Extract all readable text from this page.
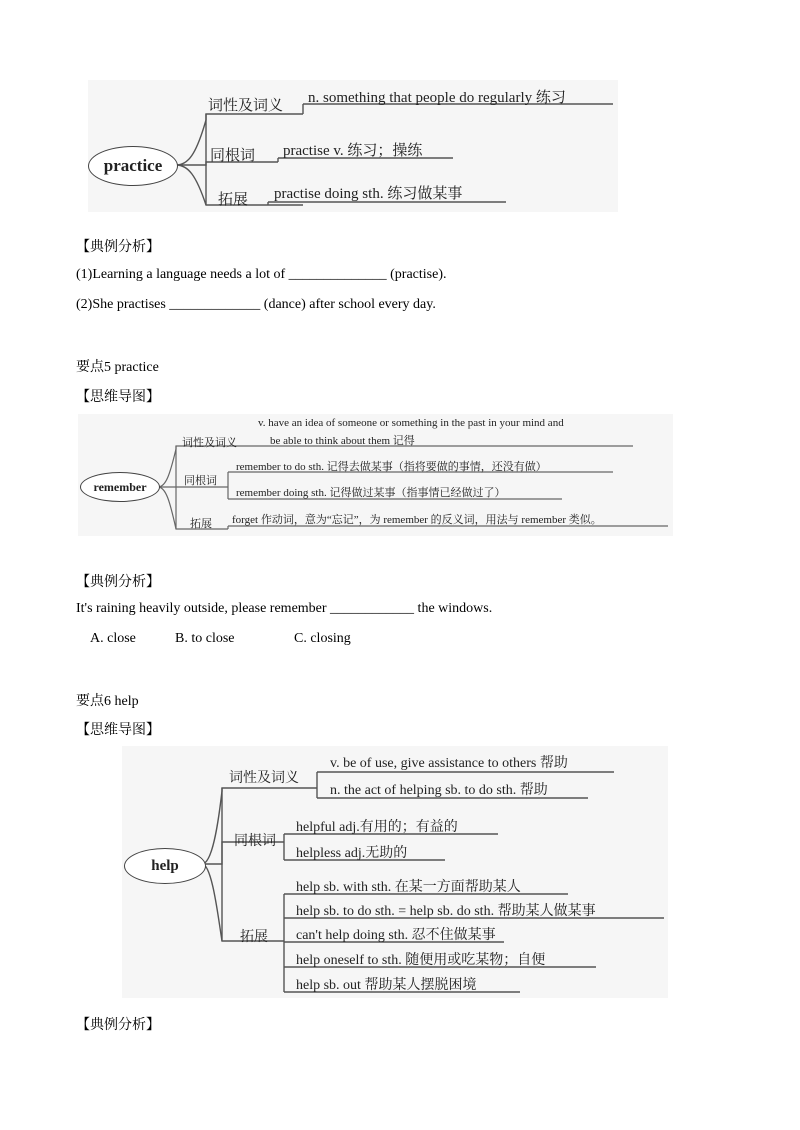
practice
词性及词义 n. something that people do regularly 练习
同根词 practise v. 练习；操练
拓展 practise doing sth. 练习做某事
【典例分析】
(1)Learning a language needs a lot of ______________ (practise).
(2)She practises _____________ (dance) after school every day.
要点5 practice
【思维导图】
remember
词性及词义
v. have an idea of someone or something in the past in your mind and
be able to think about them 记得
同根词
remember to do sth. 记得去做某事（指将要做的事情，还没有做）
remember doing sth. 记得做过某事（指事情已经做过了）
拓展 forget 作动词，意为“忘记”，为 remember 的反义词，用法与 remember 类似。
【典例分析】
It's raining heavily outside, please remember ____________ the windows.
A. close	B. to close	C. closing
要点6 help
【思维导图】
help
词性及词义
v. be of use, give assistance to others 帮助
n. the act of helping sb. to do sth. 帮助
同根词
helpful adj.有用的；有益的
helpless adj.无助的
拓展
help sb. with sth. 在某一方面帮助某人
help sb. to do sth. = help sb. do sth. 帮助某人做某事
can't help doing sth. 忍不住做某事
help oneself to sth. 随便用或吃某物；自便
help sb. out 帮助某人摆脱困境
【典例分析】
